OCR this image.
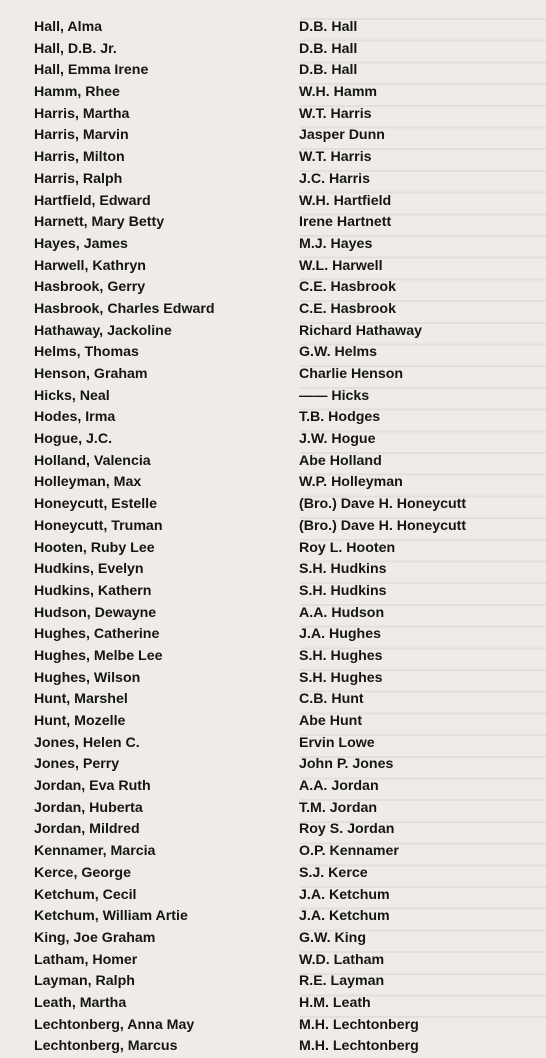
Hall, Alma	D.B. Hall
Hall, D.B. Jr.	D.B. Hall
Hall, Emma Irene	D.B. Hall
Hamm, Rhee	W.H. Hamm
Harris, Martha	W.T. Harris
Harris, Marvin	Jasper Dunn
Harris, Milton	W.T. Harris
Harris, Ralph	J.C. Harris
Hartfield, Edward	W.H. Hartfield
Harnett, Mary Betty	Irene Hartnett
Hayes, James	M.J. Hayes
Harwell, Kathryn	W.L. Harwell
Hasbrook, Gerry	C.E. Hasbrook
Hasbrook, Charles Edward	C.E. Hasbrook
Hathaway, Jackoline	Richard Hathaway
Helms, Thomas	G.W. Helms
Henson, Graham	Charlie Henson
Hicks, Neal	—— Hicks
Hodes, Irma	T.B. Hodges
Hogue, J.C.	J.W. Hogue
Holland, Valencia	Abe Holland
Holleyman, Max	W.P. Holleyman
Honeycutt, Estelle	(Bro.) Dave H. Honeycutt
Honeycutt, Truman	(Bro.) Dave H. Honeycutt
Hooten, Ruby Lee	Roy L. Hooten
Hudkins, Evelyn	S.H. Hudkins
Hudkins, Kathern	S.H. Hudkins
Hudson, Dewayne	A.A. Hudson
Hughes, Catherine	J.A. Hughes
Hughes, Melbe Lee	S.H. Hughes
Hughes, Wilson	S.H. Hughes
Hunt, Marshel	C.B. Hunt
Hunt, Mozelle	Abe Hunt
Jones, Helen C.	Ervin Lowe
Jones, Perry	John P. Jones
Jordan, Eva Ruth	A.A. Jordan
Jordan, Huberta	T.M. Jordan
Jordan, Mildred	Roy S. Jordan
Kennamer, Marcia	O.P. Kennamer
Kerce, George	S.J. Kerce
Ketchum, Cecil	J.A. Ketchum
Ketchum, William Artie	J.A. Ketchum
King, Joe Graham	G.W. King
Latham, Homer	W.D. Latham
Layman, Ralph	R.E. Layman
Leath, Martha	H.M. Leath
Lechtonberg, Anna May	M.H. Lechtonberg
Lechtonberg, Marcus	M.H. Lechtonberg
